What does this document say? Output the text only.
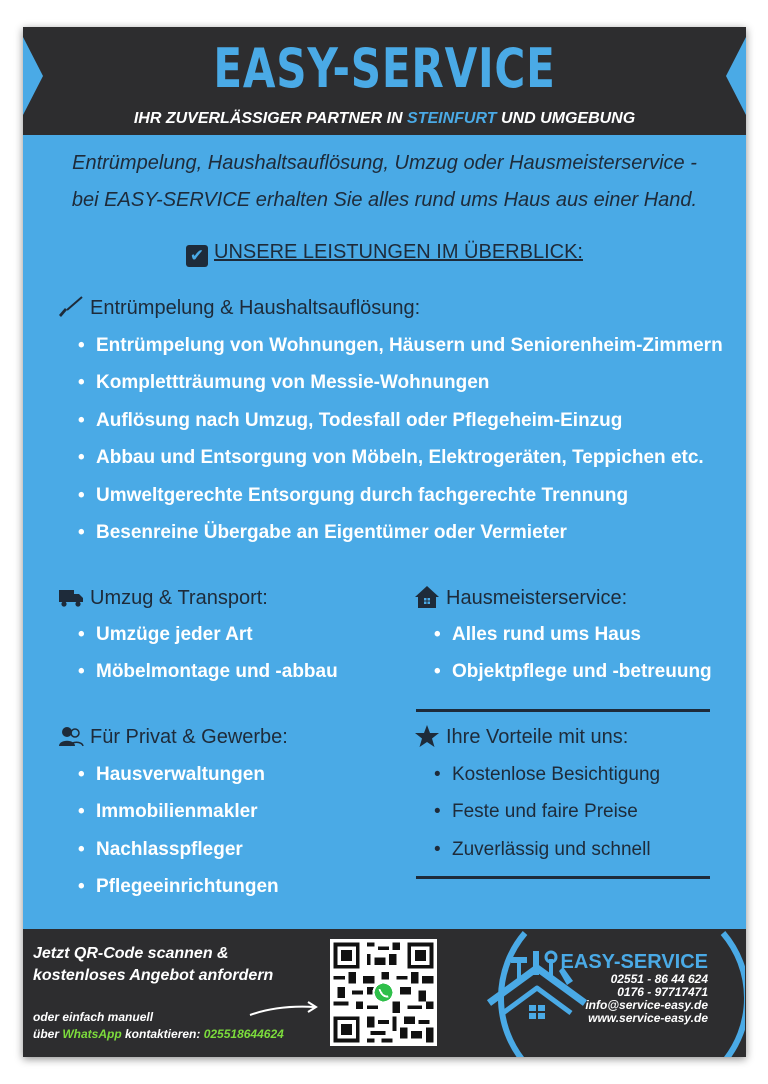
EASY-SERVICE
IHR ZUVERLÄSSIGER PARTNER IN STEINFURT UND UMGEBUNG
Entrümpelung, Haushaltsauflösung, Umzug oder Hausmeisterservice -
bei EASY-SERVICE erhalten Sie alles rund ums Haus aus einer Hand.
✔ UNSERE LEISTUNGEN IM ÜBERBLICK:
Entrümpelung & Haushaltsauflösung:
• Entrümpelung von Wohnungen, Häusern und Seniorenheim-Zimmern
• Komplettträumung von Messie-Wohnungen
• Auflösung nach Umzug, Todesfall oder Pflegeheim-Einzug
• Abbau und Entsorgung von Möbeln, Elektrogeräten, Teppichen etc.
• Umweltgerechte Entsorgung durch fachgerechte Trennung
• Besenreine Übergabe an Eigentümer oder Vermieter
Umzug & Transport:
• Umzüge jeder Art
• Möbelmontage und -abbau
Hausmeisterservice:
• Alles rund ums Haus
• Objektpflege und -betreuung
Für Privat & Gewerbe:
• Hausverwaltungen
• Immobilienmakler
• Nachlasspfleger
• Pflegeeinrichtungen
Ihre Vorteile mit uns:
• Kostenlose Besichtigung
• Feste und faire Preise
• Zuverlässig und schnell
Jetzt QR-Code scannen &
kostenloses Angebot anfordern
oder einfach manuell
über WhatsApp kontaktieren: 025518644624
EASY-SERVICE
02551 - 86 44 624
0176 - 97717471
info@service-easy.de
www.service-easy.de
